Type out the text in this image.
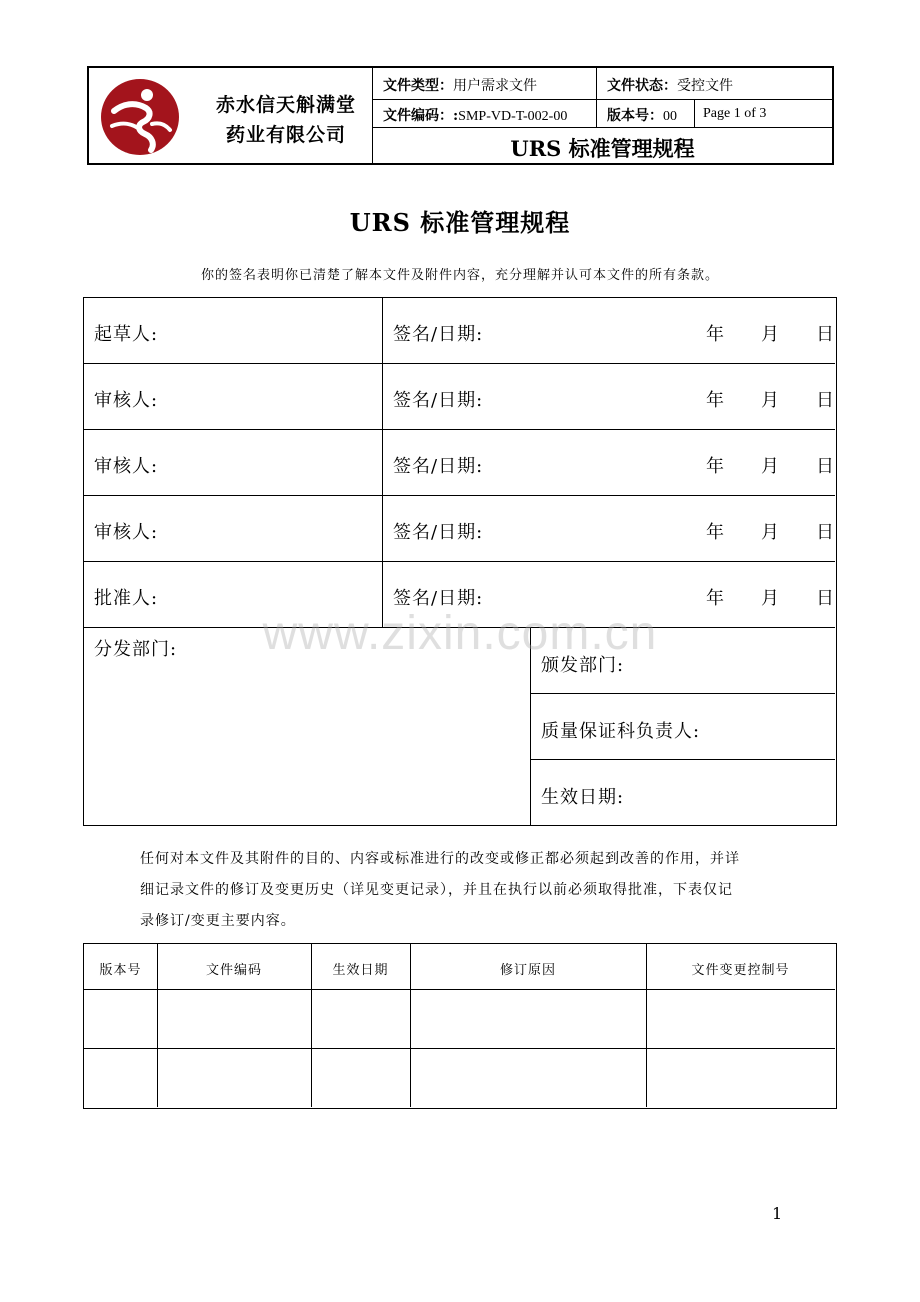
赤水信天斛满堂
药业有限公司
文件类型：用户需求文件	文件状态：受控文件
文件编码：:SMP-VD-T-002-00	版本号：00 Page 1 of 3
URS 标准管理规程
URS 标准管理规程
你的签名表明你已清楚了解本文件及附件内容，充分理解并认可本文件的所有条款。
起草人:	签名/日期:	年 月 日
审核人:	签名/日期:	年 月 日
审核人:	签名/日期:	年 月 日
审核人:	签名/日期:	年 月 日
批准人:	签名/日期:	年 月 日
分发部门:
颁发部门:
质量保证科负责人:
生效日期:
www.zixin.com.cn
任何对本文件及其附件的目的、内容或标准进行的改变或修正都必须起到改善的作用，并详
细记录文件的修订及变更历史（详见变更记录），并且在执行以前必须取得批准，下表仅记
录修订/变更主要内容。
版本号	文件编码	生效日期	修订原因	文件变更控制号
1
